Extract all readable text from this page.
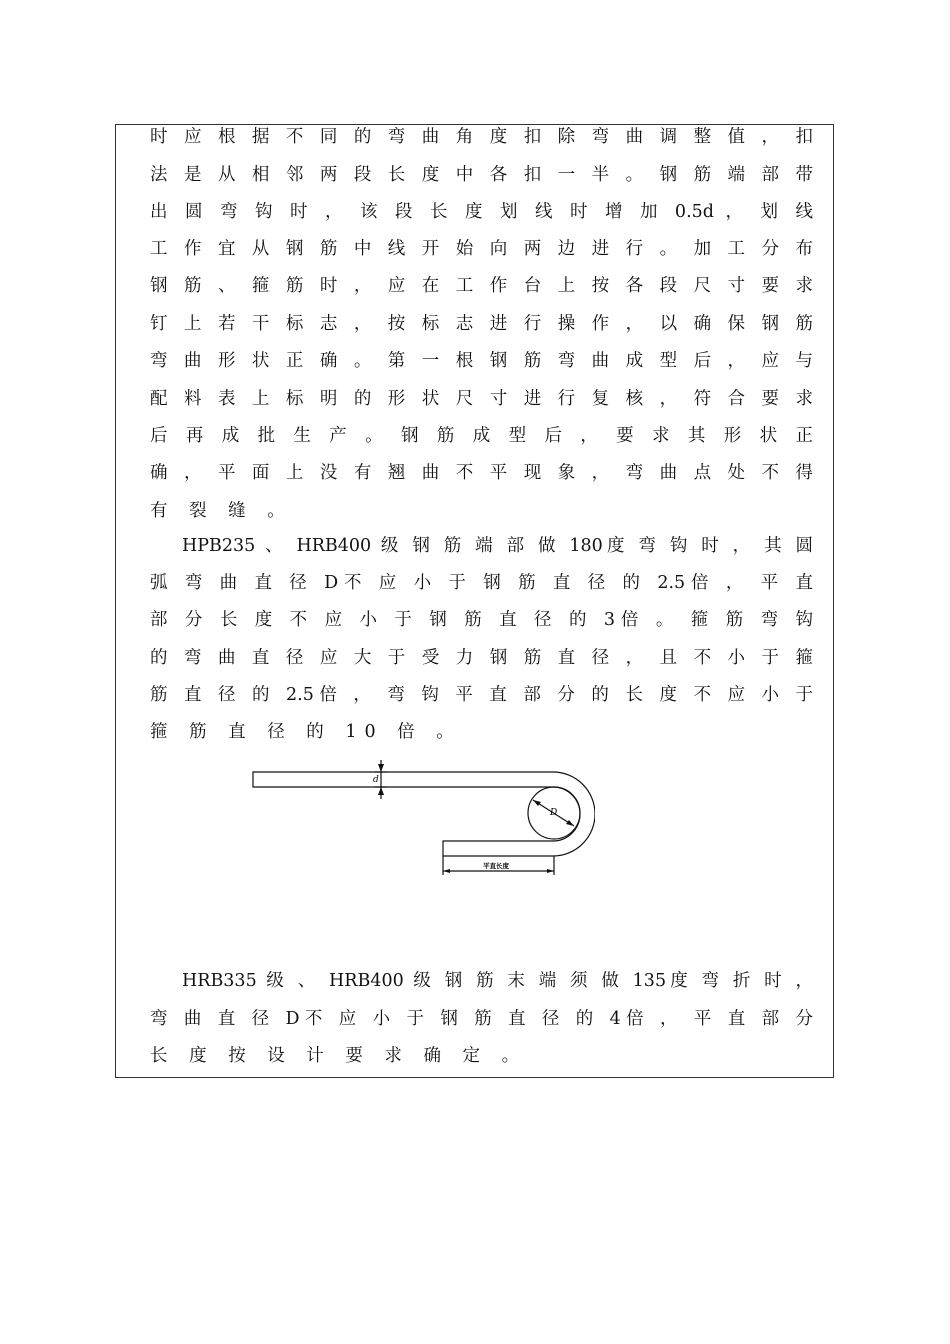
时 应 根 据 不 同 的 弯 曲 角 度 扣 除 弯 曲 调 整 值 ， 扣
法 是 从 相 邻 两 段 长 度 中 各 扣 一 半 。 钢 筋 端 部 带
出 圆 弯 钩 时 ， 该 段 长 度 划 线 时 增 加 0.5d ， 划 线
工 作 宜 从 钢 筋 中 线 开 始 向 两 边 进 行 。 加 工 分 布
钢 筋 、 箍 筋 时 ， 应 在 工 作 台 上 按 各 段 尺 寸 要 求
钉 上 若 干 标 志 ， 按 标 志 进 行 操 作 ， 以 确 保 钢 筋
弯 曲 形 状 正 确 。 第 一 根 钢 筋 弯 曲 成 型 后 ， 应 与
配 料 表 上 标 明 的 形 状 尺 寸 进 行 复 核 ， 符 合 要 求
后 再 成 批 生 产 。 钢 筋 成 型 后 ， 要 求 其 形 状 正
确 ， 平 面 上 没 有 翘 曲 不 平 现 象 ， 弯 曲 点 处 不 得
有 裂 缝 。
HPB235 、 HRB400 级 钢 筋 端 部 做 180度 弯 钩 时 ， 其 圆
弧 弯 曲 直 径 D不 应 小 于 钢 筋 直 径 的 2.5倍 ， 平 直
部 分 长 度 不 应 小 于 钢 筋 直 径 的 3倍 。 箍 筋 弯 钩
的 弯 曲 直 径 应 大 于 受 力 钢 筋 直 径 ， 且 不 小 于 箍
筋 直 径 的 2.5倍 ， 弯 钩 平 直 部 分 的 长 度 不 应 小 于
箍 筋 直 径 的 10 倍 。
d
D
平直长度
HRB335 级 、 HRB400 级 钢 筋 末 端 须 做 135度 弯 折 时 ，
弯 曲 直 径 D不 应 小 于 钢 筋 直 径 的 4倍 ， 平 直 部 分
长 度 按 设 计 要 求 确 定 。
